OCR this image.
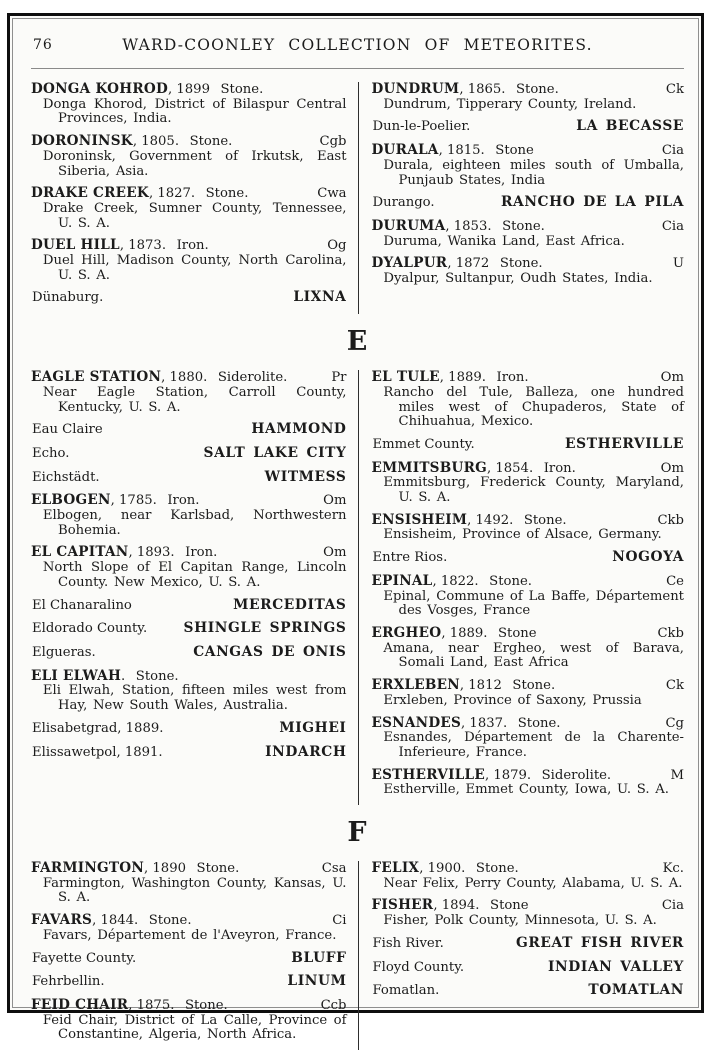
76	WARD-COONLEY COLLECTION OF METEORITES.
DONGA KOHROD , 1899 Stone.
Donga Khorod, District of Bilaspur Central Provinces, India.
DORONINSK , 1805. Stone.	Cgb
Doroninsk, Government of Irkutsk, East Siberia, Asia.
DRAKE CREEK , 1827. Stone.	Cwa
Drake Creek, Sumner County, Tennessee, U. S. A.
DUEL HILL , 1873. Iron.	Og
Duel Hill, Madison County, North Carolina, U. S. A.
Dünaburg.	LIXNA
DUNDRUM , 1865. Stone.	Ck
Dundrum, Tipperary County, Ireland.
Dun-le-Poelier.	LA BECASSE
DURALA , 1815. Stone	Cia
Durala, eighteen miles south of Umballa, Punjaub States, India
Durango.	RANCHO DE LA PILA
DURUMA , 1853. Stone.	Cia
Duruma, Wanika Land, East Africa.
DYALPUR , 1872 Stone.	U
Dyalpur, Sultanpur, Oudh States, India.
E
EAGLE STATION , 1880. Siderolite.	Pr
Near Eagle Station, Carroll County, Kentucky, U. S. A.
Eau Claire	HAMMOND
Echo.	SALT LAKE CITY
Eichstädt.	WITMESS
ELBOGEN , 1785. Iron.	Om
Elbogen, near Karlsbad, Northwestern Bohemia.
EL CAPITAN , 1893. Iron.	Om
North Slope of El Capitan Range, Lincoln County. New Mexico, U. S. A.
El Chanaralino	MERCEDITAS
Eldorado County.	SHINGLE SPRINGS
Elgueras.	CANGAS DE ONIS
ELI ELWAH . Stone.
Eli Elwah, Station, fifteen miles west from Hay, New South Wales, Australia.
Elisabetgrad, 1889.	MIGHEI
Elissawetpol, 1891.	INDARCH
EL TULE , 1889. Iron.	Om
Rancho del Tule, Balleza, one hundred miles west of Chupaderos, State of Chihuahua, Mexico.
Emmet County.	ESTHERVILLE
EMMITSBURG , 1854. Iron.	Om
Emmitsburg, Frederick County, Maryland, U. S. A.
ENSISHEIM , 1492. Stone.	Ckb
Ensisheim, Province of Alsace, Germany.
Entre Rios.	NOGOYA
EPINAL , 1822. Stone.	Ce
Epinal, Commune of La Baffe, Département des Vosges, France
ERGHEO , 1889. Stone	Ckb
Amana, near Ergheo, west of Barava, Somali Land, East Africa
ERXLEBEN , 1812 Stone.	Ck
Erxleben, Province of Saxony, Prussia
ESNANDES , 1837. Stone.	Cg
Esnandes, Département de la Charente-Inferieure, France.
ESTHERVILLE , 1879. Siderolite.	M
Estherville, Emmet County, Iowa, U. S. A.
F
FARMINGTON , 1890 Stone.	Csa
Farmington, Washington County, Kansas, U. S. A.
FAVARS , 1844. Stone.	Ci
Favars, Département de l'Aveyron, France.
Fayette County.	BLUFF
Fehrbellin.	LINUM
FEID CHAIR , 1875. Stone.	Ccb
Feid Chair, District of La Calle, Province of Constantine, Algeria, North Africa.
FELIX , 1900. Stone.	Kc.
Near Felix, Perry County, Alabama, U. S. A.
FISHER , 1894. Stone	Cia
Fisher, Polk County, Minnesota, U. S. A.
Fish River.	GREAT FISH RIVER
Floyd County.	INDIAN VALLEY
Fomatlan.	TOMATLAN
